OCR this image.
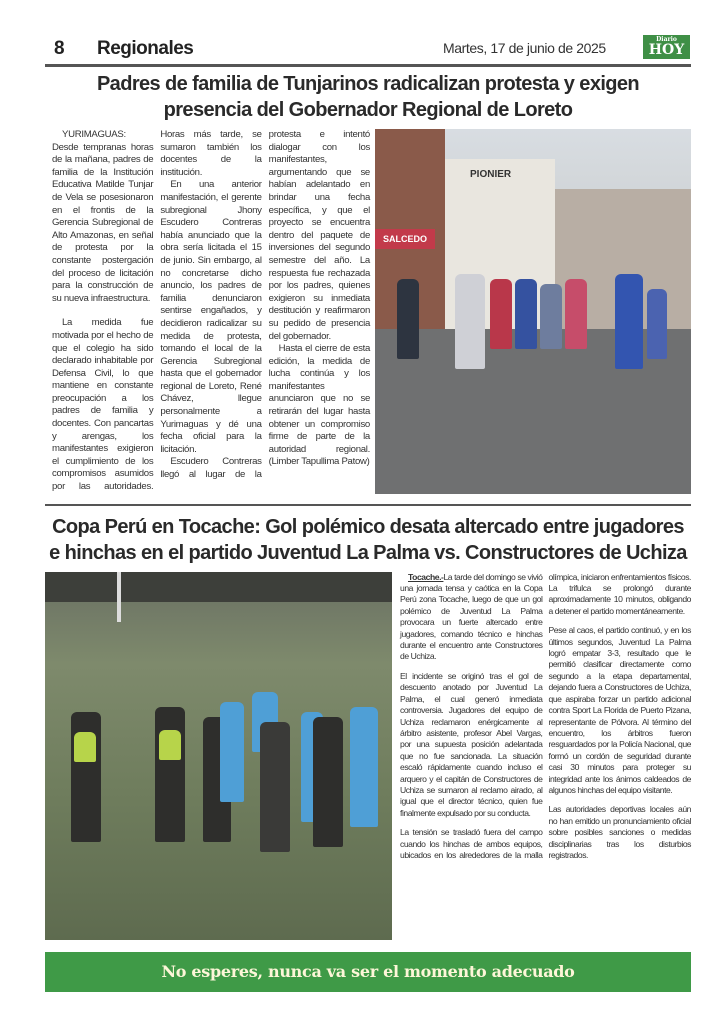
8 Regionales	Martes, 17 de junio de 2025
Diario
HOY
Padres de familia de Tunjarinos radicalizan protesta y exigen
presencia del Gobernador Regional de Loreto

YURIMAGUAS: Desde tempranas horas de la mañana, padres de familia de la Institución Educativa Matilde Tunjar de Vela se posesionaron en el frontis de la Gerencia Subregional de Alto Amazonas, en señal de protesta por la constante postergación del proceso de licitación para la construcción de su nueva infraestructura.

La medida fue motivada por el hecho de que el colegio ha sido declarado inhabitable por Defensa Civil, lo que mantiene en constante preocupación a los padres de familia y docentes. Con pancartas y arengas, los manifestantes exigieron el cumplimiento de los compromisos asumidos por las autoridades. Horas más tarde, se sumaron también los docentes de la institución.

En una anterior manifestación, el gerente subregional Jhony Escudero Contreras había anunciado que la obra sería licitada el 15 de junio. Sin embargo, al no concretarse dicho anuncio, los padres de familia denunciaron sentirse engañados, y decidieron radicalizar su medida de protesta, tomando el local de la Gerencia Subregional hasta que el gobernador regional de Loreto, René Chávez, llegue personalmente a Yurimaguas y dé una fecha oficial para la licitación.

Escudero Contreras llegó al lugar de la protesta e intentó dialogar con los manifestantes, argumentando que se habían adelantado en brindar una fecha específica, y que el proyecto se encuentra dentro del paquete de inversiones del segundo semestre del año. La respuesta fue rechazada por los padres, quienes exigieron su inmediata destitución y reafirmaron su pedido de presencia del gobernador.

Hasta el cierre de esta edición, la medida de lucha continúa y los manifestantes anunciaron que no se retirarán del lugar hasta obtener un compromiso firme de parte de la autoridad regional. (Limber Tapullima Patow)

SALCEDO
PIONIER
Copa Perú en Tocache: Gol polémico desata altercado entre jugadores
e hinchas en el partido Juventud La Palma vs. Constructores de Uchiza

Tocache.-La tarde del domingo se vivió una jornada tensa y caótica en la Copa Perú zona Tocache, luego de que un gol polémico de Juventud La Palma provocara un fuerte altercado entre jugadores, comando técnico e hinchas durante el encuentro ante Constructores de Uchiza.

El incidente se originó tras el gol de descuento anotado por Juventud La Palma, el cual generó inmediata controversia. Jugadores del equipo de Uchiza reclamaron enérgicamente al árbitro asistente, profesor Abel Vargas, por una supuesta posición adelantada que no fue sancionada. La situación escaló rápidamente cuando incluso el arquero y el capitán de Constructores de Uchiza se sumaron al reclamo airado, al igual que el director técnico, quien fue finalmente expulsado por su conducta.

La tensión se trasladó fuera del campo cuando los hinchas de ambos equipos, ubicados en los alrededores de la malla olímpica, iniciaron enfrentamientos físicos. La trifulca se prolongó durante aproximadamente 10 minutos, obligando a detener el partido momentáneamente.

Pese al caos, el partido continuó, y en los últimos segundos, Juventud La Palma logró empatar 3-3, resultado que le permitió clasificar directamente como segundo a la etapa departamental, dejando fuera a Constructores de Uchiza, que aspiraba forzar un partido adicional contra Sport La Florida de Puerto Pizana, representante de Pólvora. Al término del encuentro, los árbitros fueron resguardados por la Policía Nacional, que formó un cordón de seguridad durante casi 30 minutos para proteger su integridad ante los ánimos caldeados de algunos hinchas del equipo visitante.

Las autoridades deportivas locales aún no han emitido un pronunciamiento oficial sobre posibles sanciones o medidas disciplinarias tras los disturbios registrados.

No esperes, nunca va ser el momento adecuado
